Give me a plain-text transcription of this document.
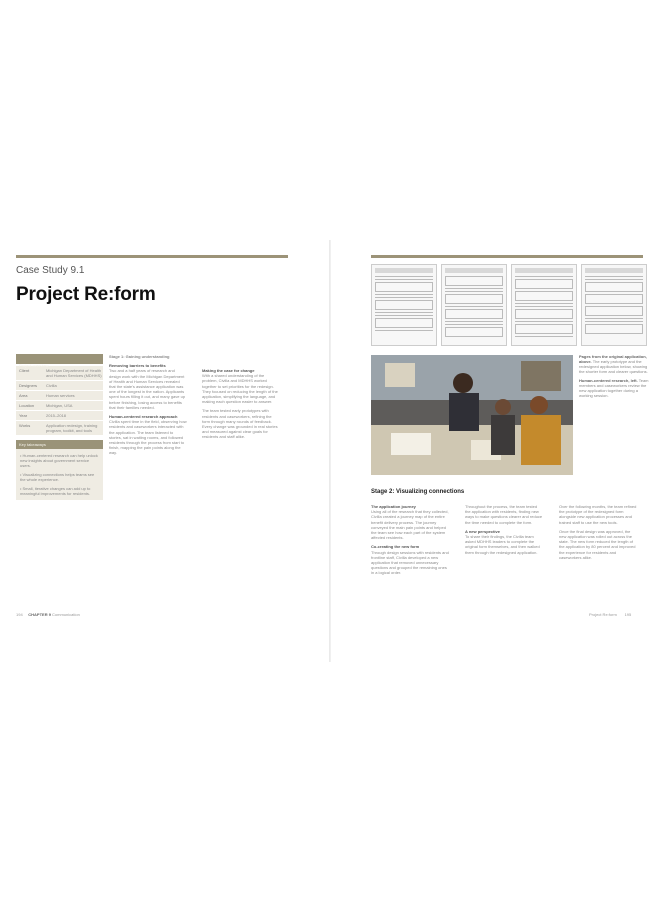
Case Study 9.1

Project Re:form
Project overview
Client	Michigan Department of Health and Human Services (MDHHS)
Designers	Civilla
Area	Human services
Location	Michigan, USA
Year	2015–2018
Works	Application redesign, training program, toolkit, and tools
Key takeaways

• Human-centered research can help unlock new insights about government service users.

• Visualizing connections helps teams see the whole experience.

• Small, iterative changes can add up to meaningful improvements for residents.

Stage 1: Gaining understanding

Removing barriers to benefits
Two and a half years of research and design work with the Michigan Department of Health and Human Services revealed that the state's assistance application was one of the longest in the nation. Applicants spent hours filling it out, and many gave up before finishing, losing access to benefits that their families needed.

Human-centered research approach
Civilla spent time in the field, observing how residents and caseworkers interacted with the application. The team listened to stories, sat in waiting rooms, and followed residents through the process from start to finish, mapping the pain points along the way.

Making the case for change
With a shared understanding of the problem, Civilla and MDHHS worked together to set priorities for the redesign. They focused on reducing the length of the application, simplifying the language, and making each question easier to answer.

The team tested early prototypes with residents and caseworkers, refining the form through many rounds of feedback. Every change was grounded in real stories and measured against clear goals for residents and staff alike.

194 CHAPTER 9 Communication

Pages from the original application, above. The early prototype and the redesigned application below, showing the shorter form and clearer questions.

Human-centered research, left. Team members and caseworkers review the new application together during a working session.

Stage 2: Visualizing connections

The application journey
Using all of the research that they collected, Civilla created a journey map of the entire benefit delivery process. The journey conveyed the main pain points and helped the team see how each part of the system affected residents.

Co-creating the new form
Through design sessions with residents and frontline staff, Civilla developed a new application that removed unnecessary questions and grouped the remaining ones in a logical order.

Throughout the process, the team tested the application with residents, finding new ways to make questions clearer and reduce the time needed to complete the form.

A new perspective
To share their findings, the Civilla team asked MDHHS leaders to complete the original form themselves, and then walked them through the redesigned application.

Over the following months, the team refined the prototype of the redesigned form alongside new application processes and trained staff to use the new tools.

Once the final design was approved, the new application was rolled out across the state. The new form reduced the length of the application by 80 percent and improved the experience for residents and caseworkers alike.

Project Re:form 195
